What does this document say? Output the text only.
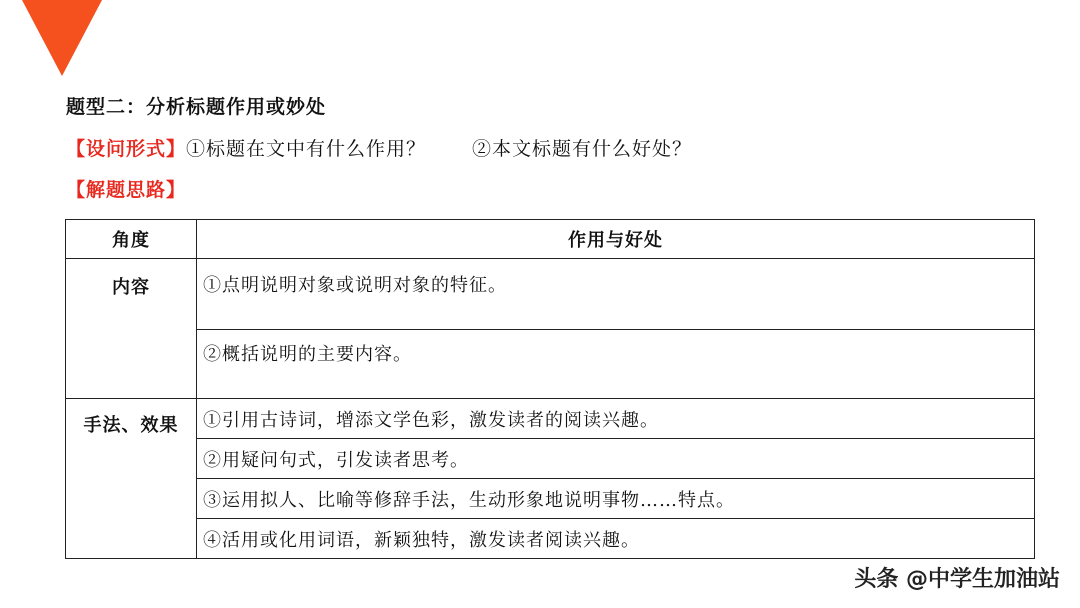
题型二：分析标题作用或妙处
【设问形式】①标题在文中有什么作用？ ②本文标题有什么好处？
【解题思路】
角度	作用与好处
内容	①点明说明对象或说明对象的特征。
	②概括说明的主要内容。
手法、效果	①引用古诗词，增添文学色彩，激发读者的阅读兴趣。
	②用疑问句式，引发读者思考。
	③运用拟人、比喻等修辞手法，生动形象地说明事物……特点。
	④活用或化用词语，新颖独特，激发读者阅读兴趣。
头条 @中学生加油站
